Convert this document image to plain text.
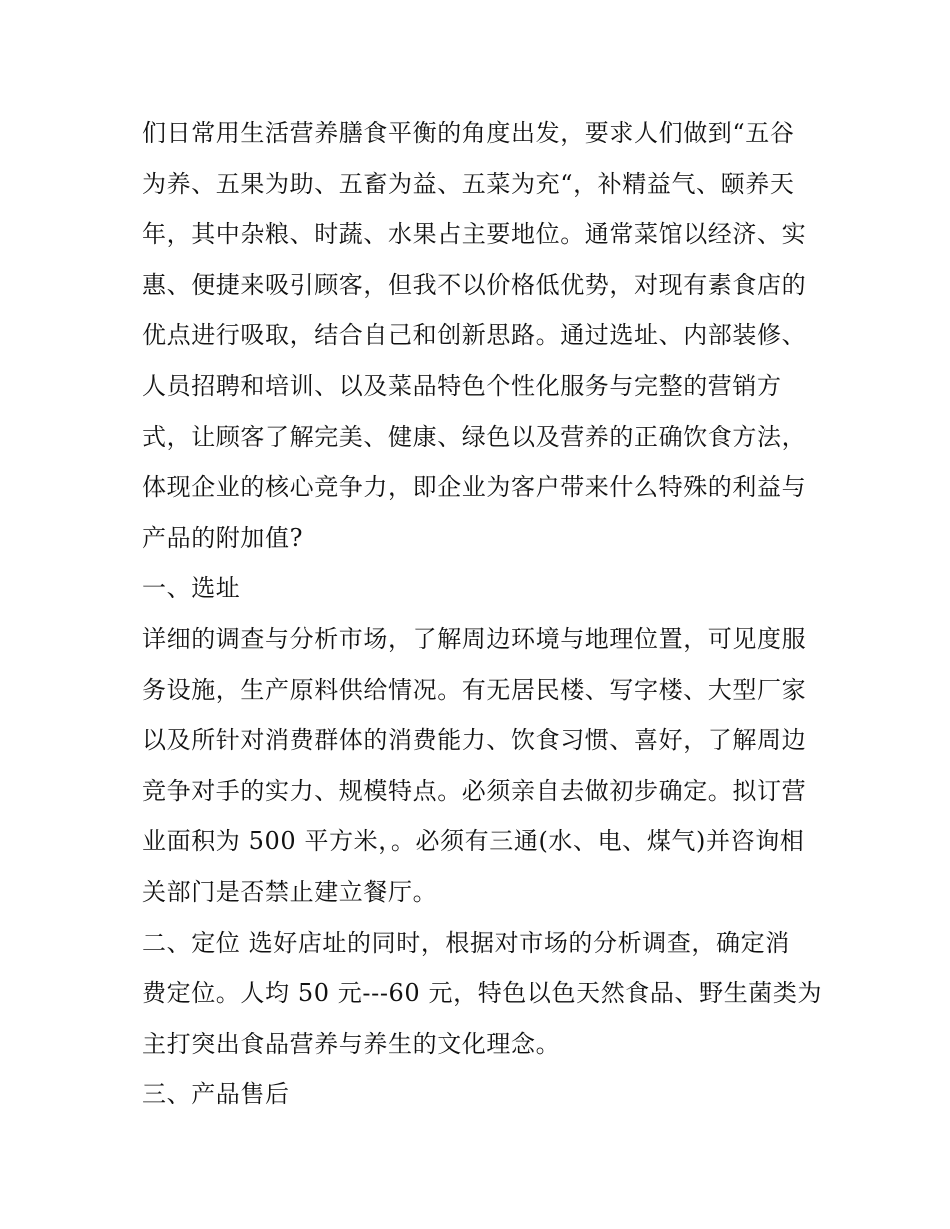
们日常用生活营养膳食平衡的角度出发，要求人们做到“五谷
为养、五果为助、五畜为益、五菜为充“，补精益气、颐养天
年，其中杂粮、时蔬、水果占主要地位。通常菜馆以经济、实
惠、便捷来吸引顾客，但我不以价格低优势，对现有素食店的
优点进行吸取，结合自己和创新思路。通过选址、内部装修、
人员招聘和培训、以及菜品特色个性化服务与完整的营销方
式，让顾客了解完美、健康、绿色以及营养的正确饮食方法，
体现企业的核心竞争力，即企业为客户带来什么特殊的利益与
产品的附加值?
一、选址
详细的调查与分析市场，了解周边环境与地理位置，可见度服
务设施，生产原料供给情况。有无居民楼、写字楼、大型厂家
以及所针对消费群体的消费能力、饮食习惯、喜好，了解周边
竞争对手的实力、规模特点。必须亲自去做初步确定。拟订营
业面积为 500 平方米，。必须有三通(水、电、煤气)并咨询相
关部门是否禁止建立餐厅。
二、定位 选好店址的同时，根据对市场的分析调查，确定消
费定位。人均 50 元---60 元，特色以色天然食品、野生菌类为
主打突出食品营养与养生的文化理念。
三、产品售后
